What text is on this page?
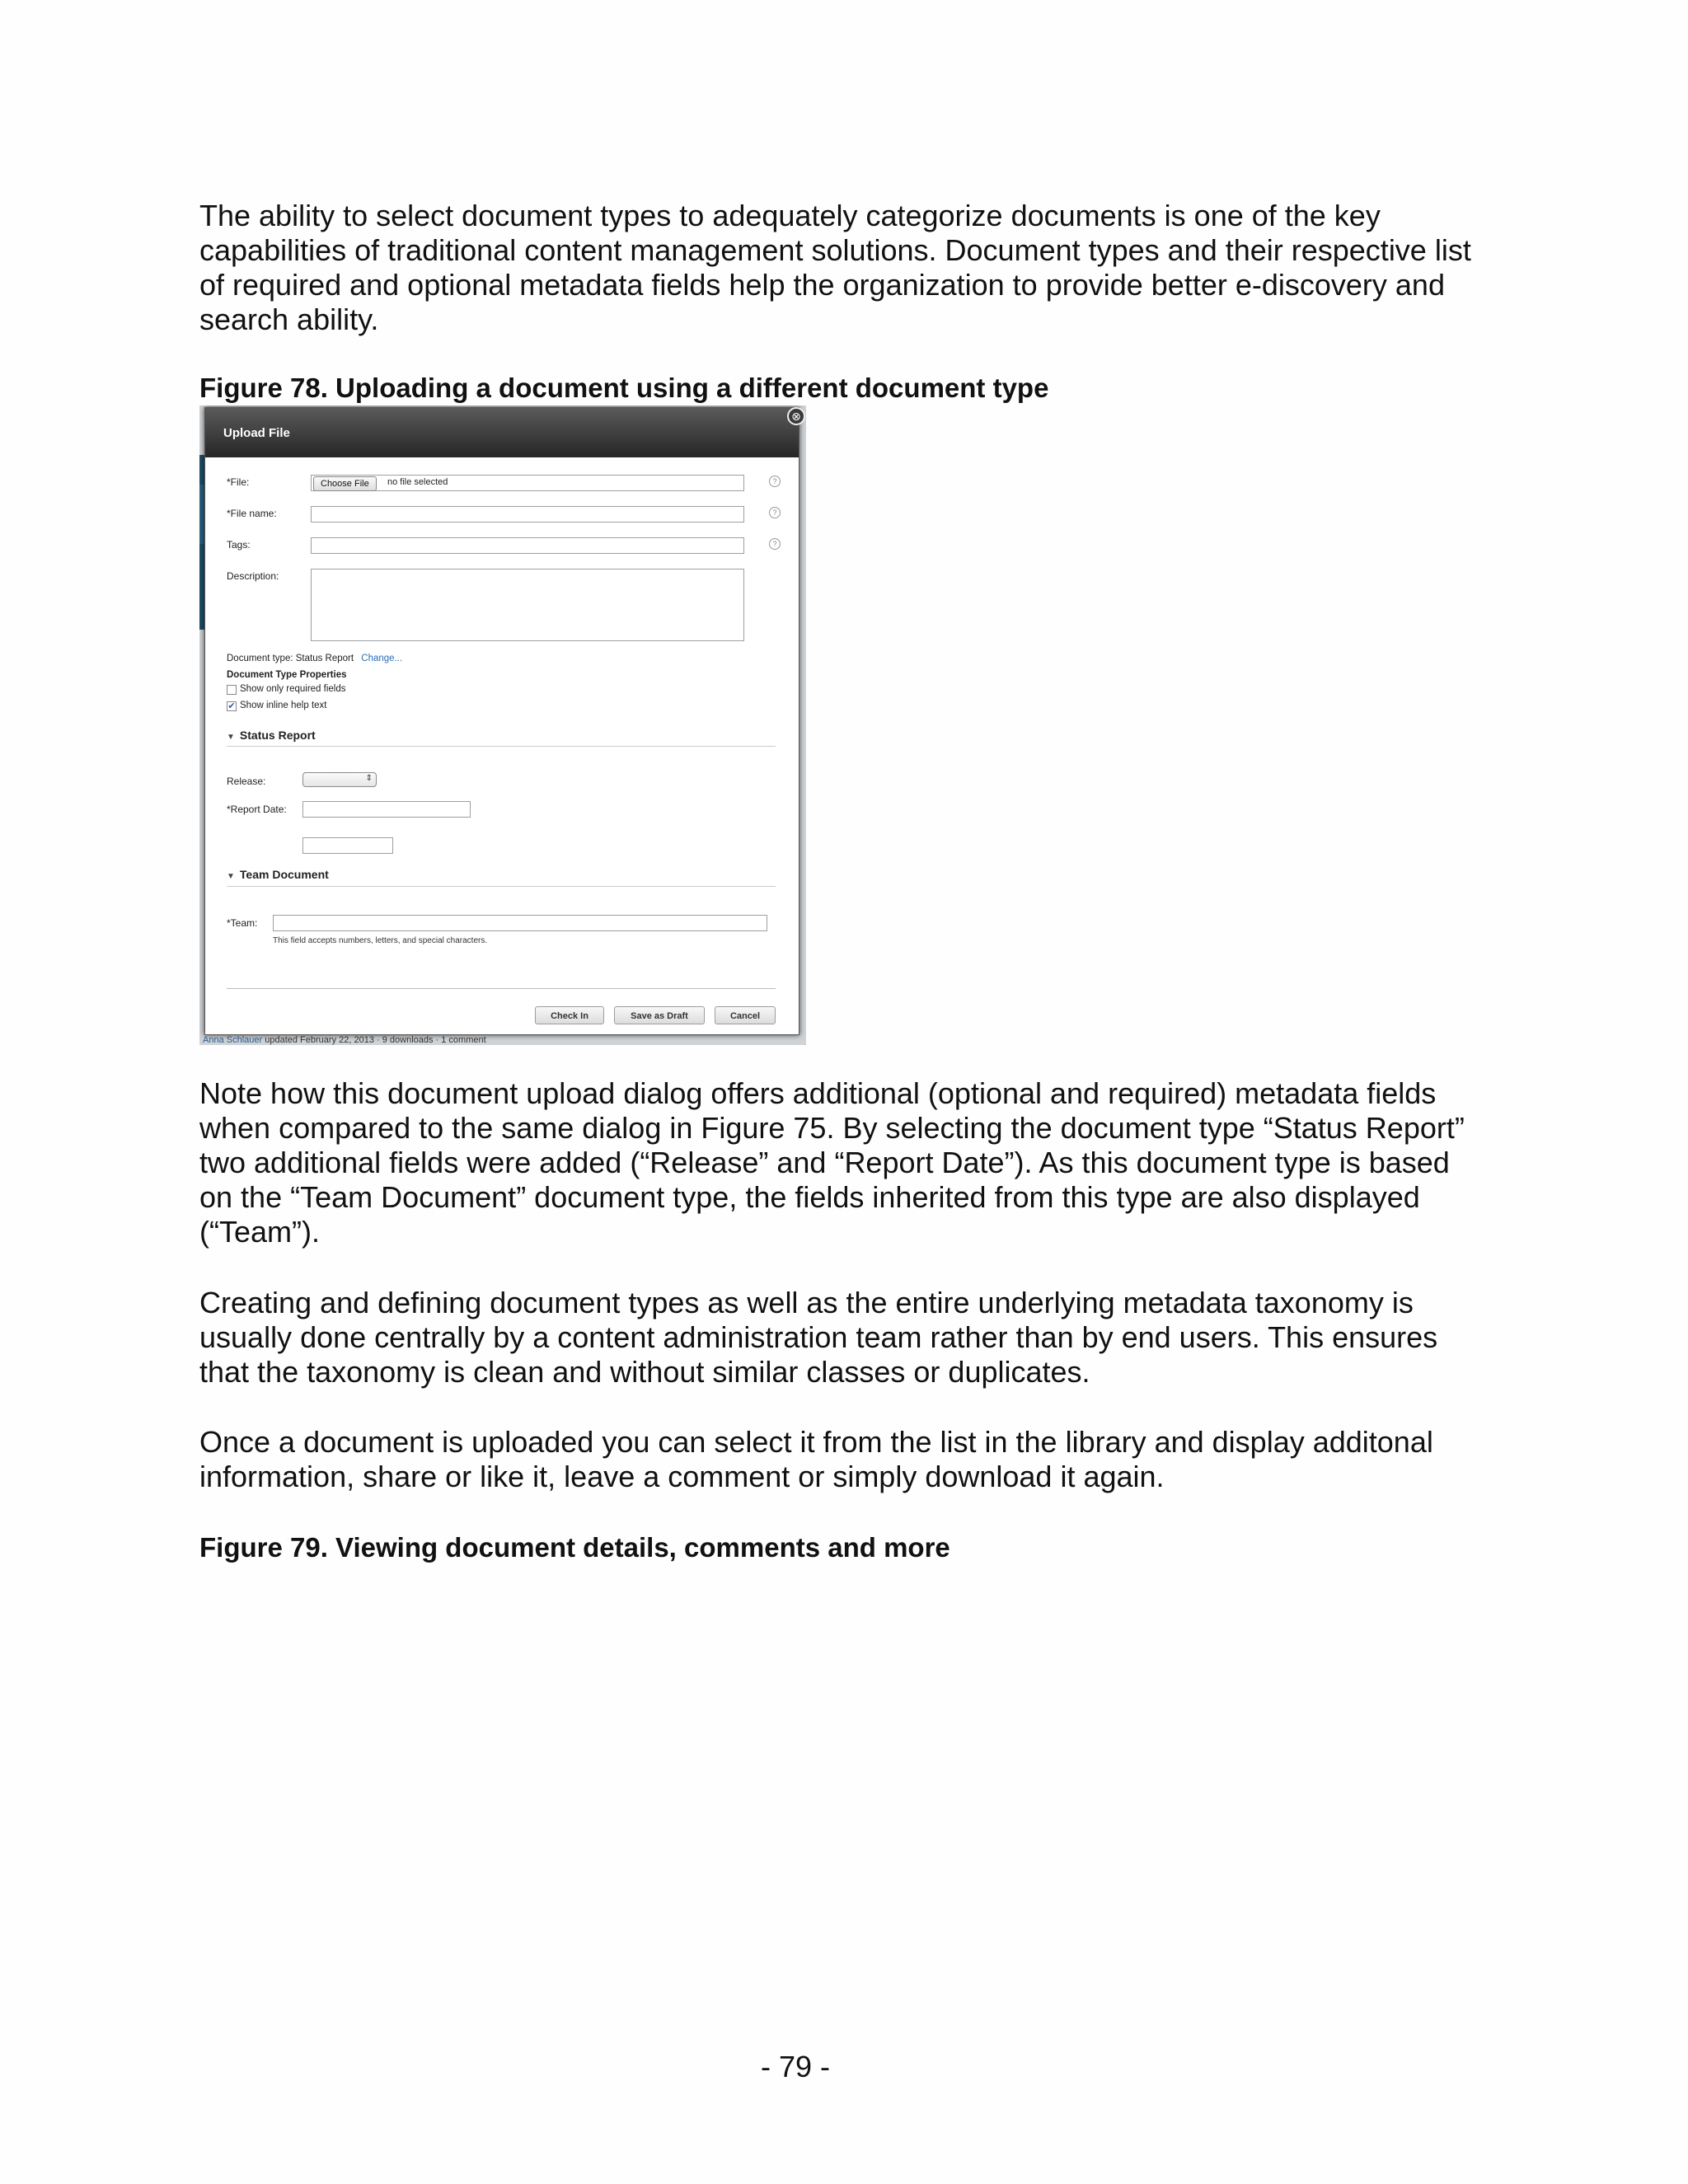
The ability to select document types to adequately categorize documents is one of the key capabilities of traditional content management solutions. Document types and their respective list of required and optional metadata fields help the organization to provide better e-discovery and search ability.

Figure 78. Uploading a document using a different document type

Anna Schlauer updated February 22, 2013 · 9 downloads · 1 comment
Upload File
⊗
*File:	Choose File	no file selected	?
*File name:	?
Tags:	?
Description:
Document type: Status Report Change...
Document Type Properties
Show only required fields
✔ Show inline help text
▼ Status Report
Release:	⇕
*Report Date:
▼ Team Document
*Team:
This field accepts numbers, letters, and special characters.
Check In	Save as Draft	Cancel

Note how this document upload dialog offers additional (optional and required) metadata fields when compared to the same dialog in Figure 75. By selecting the document type “Status Report” two additional fields were added (“Release” and “Report Date”). As this document type is based on the “Team Document” document type, the fields inherited from this type are also displayed (“Team”).

Creating and defining document types as well as the entire underlying metadata taxonomy is usually done centrally by a content administration team rather than by end users. This ensures that the taxonomy is clean and without similar classes or duplicates.

Once a document is uploaded you can select it from the list in the library and display additonal information, share or like it, leave a comment or simply download it again.

Figure 79. Viewing document details, comments and more

- 79 -
